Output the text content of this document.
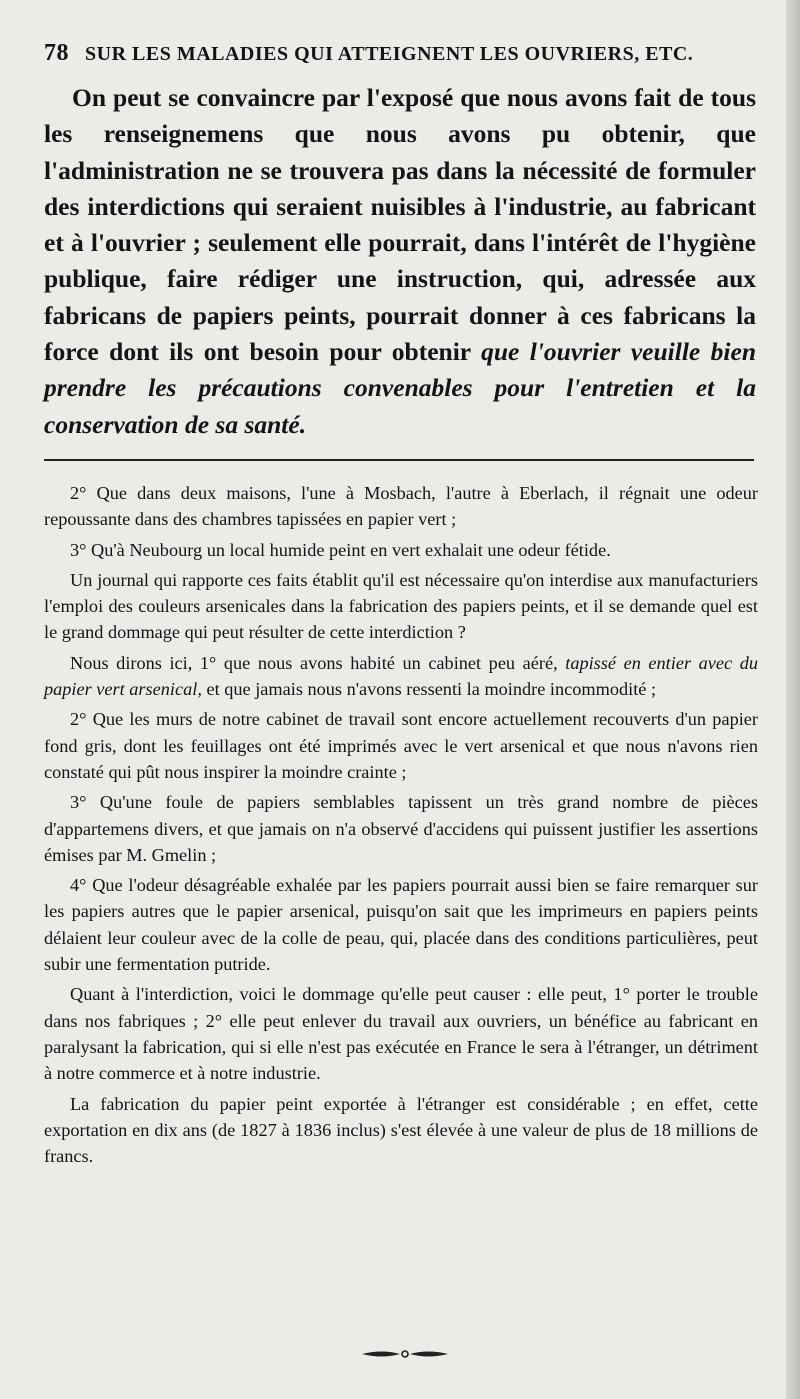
78 SUR LES MALADIES QUI ATTEIGNENT LES OUVRIERS, ETC.

On peut se convaincre par l'exposé que nous avons fait de tous les renseignemens que nous avons pu obtenir, que l'administration ne se trouvera pas dans la nécessité de formuler des interdictions qui seraient nuisibles à l'industrie, au fabricant et à l'ouvrier ; seulement elle pourrait, dans l'intérêt de l'hygiène publique, faire rédiger une instruction, qui, adressée aux fabricans de papiers peints, pourrait donner à ces fabricans la force dont ils ont besoin pour obtenir que l'ouvrier veuille bien prendre les précautions convenables pour l'entretien et la conservation de sa santé.

2° Que dans deux maisons, l'une à Mosbach, l'autre à Eberlach, il régnait une odeur repoussante dans des chambres tapissées en papier vert ;

3° Qu'à Neubourg un local humide peint en vert exhalait une odeur fétide.

Un journal qui rapporte ces faits établit qu'il est nécessaire qu'on interdise aux manufacturiers l'emploi des couleurs arsenicales dans la fabrication des papiers peints, et il se demande quel est le grand dommage qui peut résulter de cette interdiction ?

Nous dirons ici, 1° que nous avons habité un cabinet peu aéré, tapissé en entier avec du papier vert arsenical, et que jamais nous n'avons ressenti la moindre incommodité ;

2° Que les murs de notre cabinet de travail sont encore actuellement recouverts d'un papier fond gris, dont les feuillages ont été imprimés avec le vert arsenical et que nous n'avons rien constaté qui pût nous inspirer la moindre crainte ;

3° Qu'une foule de papiers semblables tapissent un très grand nombre de pièces d'appartemens divers, et que jamais on n'a observé d'accidens qui puissent justifier les assertions émises par M. Gmelin ;

4° Que l'odeur désagréable exhalée par les papiers pourrait aussi bien se faire remarquer sur les papiers autres que le papier arsenical, puisqu'on sait que les imprimeurs en papiers peints délaient leur couleur avec de la colle de peau, qui, placée dans des conditions particulières, peut subir une fermentation putride.

Quant à l'interdiction, voici le dommage qu'elle peut causer : elle peut, 1° porter le trouble dans nos fabriques ; 2° elle peut enlever du travail aux ouvriers, un bénéfice au fabricant en paralysant la fabrication, qui si elle n'est pas exécutée en France le sera à l'étranger, un détriment à notre commerce et à notre industrie.

La fabrication du papier peint exportée à l'étranger est considérable ; en effet, cette exportation en dix ans (de 1827 à 1836 inclus) s'est élevée à une valeur de plus de 18 millions de francs.
